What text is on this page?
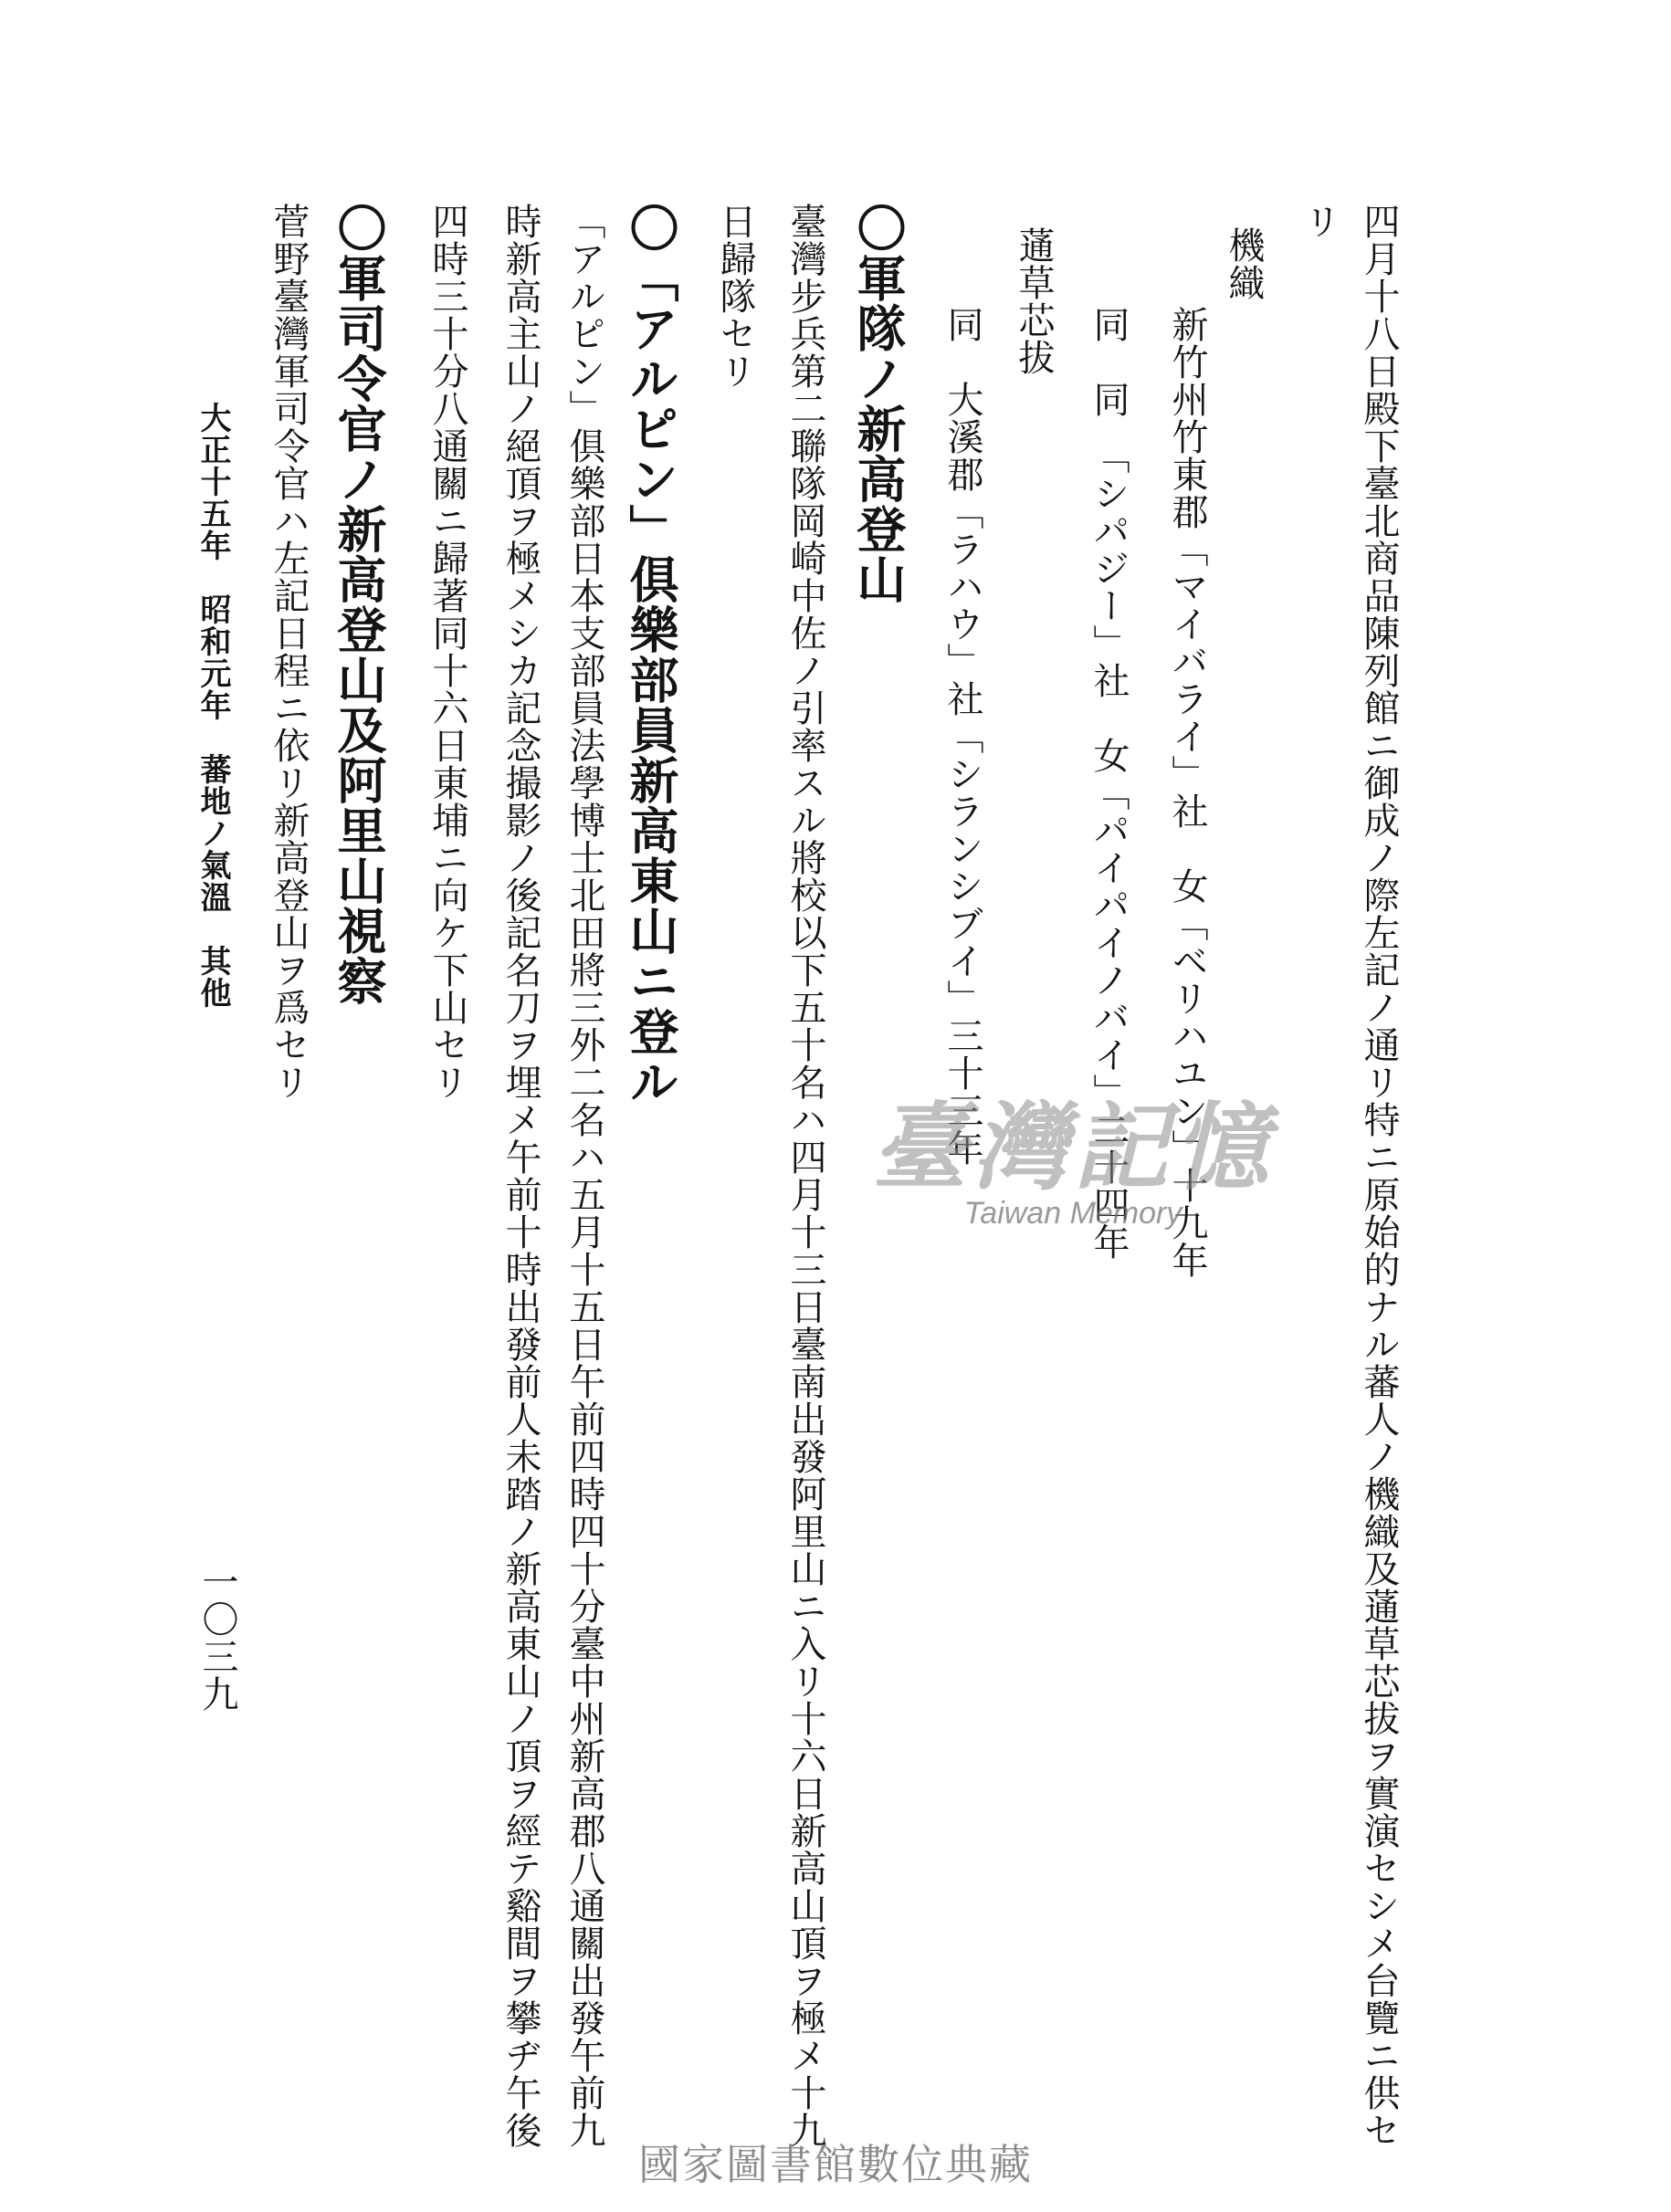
四月十八日殿下臺北商品陳列館ニ御成ノ際左記ノ通リ特ニ原始的ナル蕃人ノ機織及蓪草芯拔ヲ實演セシメ台覽ニ供セ
リ
機織
新竹州竹東郡「マイバライ」社　女「ベリハユン」十九年
同　同　「シパジー」社　女「パイパイノバイ」二十四年
蓪草芯拔
同　大溪郡「ラハウ」社「シランシブイ」三十三年
〇軍隊ノ新高登山
臺灣步兵第二聯隊岡崎中佐ノ引率スル將校以下五十名ハ四月十三日臺南出發阿里山ニ入リ十六日新高山頂ヲ極メ十九
日歸隊セリ
〇「アルピン」俱樂部員新高東山ニ登ル
「アルピン」俱樂部日本支部員法學博士北田將三外二名ハ五月十五日午前四時四十分臺中州新高郡八通關出發午前九
時新高主山ノ絕頂ヲ極メシカ記念撮影ノ後記名刀ヲ埋メ午前十時出發前人未踏ノ新高東山ノ頂ヲ經テ谿間ヲ攀ヂ午後
四時三十分八通關ニ歸著同十六日東埔ニ向ケ下山セリ
〇軍司令官ノ新高登山及阿里山視察
菅野臺灣軍司令官ハ左記日程ニ依リ新高登山ヲ爲セリ
大正十五年　昭和元年　蕃地ノ氣溫　其他
一〇三九
臺灣記憶
Taiwan Memory
國家圖書館數位典藏
